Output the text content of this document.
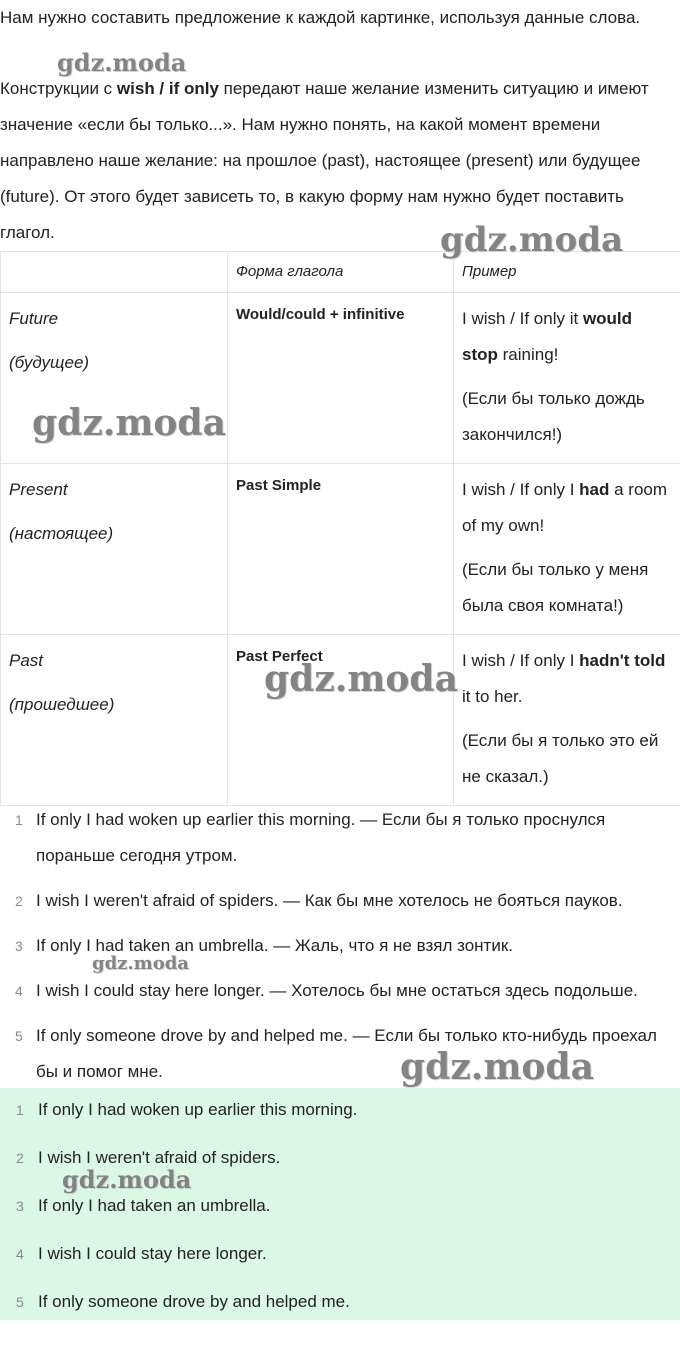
Нам нужно составить предложение к каждой картинке, используя данные слова.

Конструкции с wish / if only передают наше желание изменить ситуацию и имеют значение «если бы только...». Нам нужно понять, на какой момент времени направлено наше желание: на прошлое (past), настоящее (present) или будущее (future). От этого будет зависеть то, в какую форму нам нужно будет поставить глагол.

	Форма глагола	Пример

Future
(будущее)	Would/could + infinitive	I wish / If only it would stop raining!
(Если бы только дождь закончился!)

Present
(настоящее)	Past Simple	I wish / If only I had a room of my own!
(Если бы только у меня была своя комната!)

Past
(прошедшее)	Past Perfect	I wish / If only I hadn't told it to her.
(Если бы я только это ей не сказал.)
1 If only I had woken up earlier this morning. — Если бы я только проснулся пораньше сегодня утром.
2 I wish I weren't afraid of spiders. — Как бы мне хотелось не бояться пауков.
3 If only I had taken an umbrella. — Жаль, что я не взял зонтик.
4 I wish I could stay here longer. — Хотелось бы мне остаться здесь подольше.
5 If only someone drove by and helped me. — Если бы только кто-нибудь проехал бы и помог мне.
1 If only I had woken up earlier this morning.
2 I wish I weren't afraid of spiders.
3 If only I had taken an umbrella.
4 I wish I could stay here longer.
5 If only someone drove by and helped me.
gdz.moda
gdz.moda
gdz.moda
gdz.moda
gdz.moda
gdz.moda
gdz.moda
